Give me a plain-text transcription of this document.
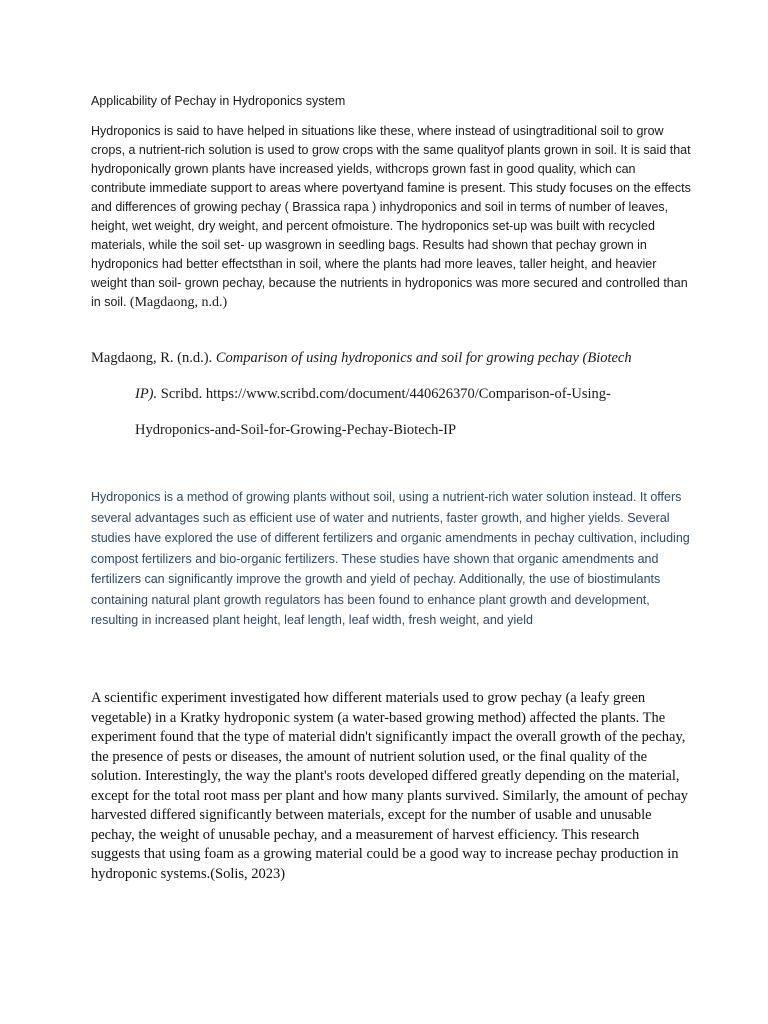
Applicability of Pechay in Hydroponics system

Hydroponics is said to have helped in situations like these, where instead of usingtraditional soil to grow crops, a nutrient-rich solution is used to grow crops with the same qualityof plants grown in soil. It is said that hydroponically grown plants have increased yields, withcrops grown fast in good quality, which can contribute immediate support to areas where povertyand famine is present. This study focuses on the effects and differences of growing pechay ( Brassica rapa ) inhydroponics and soil in terms of number of leaves, height, wet weight, dry weight, and percent ofmoisture. The hydroponics set-up was built with recycled materials, while the soil set- up wasgrown in seedling bags. Results had shown that pechay grown in hydroponics had better effectsthan in soil, where the plants had more leaves, taller height, and heavier weight than soil- grown pechay, because the nutrients in hydroponics was more secured and controlled than in soil. (Magdaong, n.d.)

Magdaong, R. (n.d.). Comparison of using hydroponics and soil for growing pechay (Biotech

IP). Scribd. https://www.scribd.com/document/440626370/Comparison-of-Using-

Hydroponics-and-Soil-for-Growing-Pechay-Biotech-IP

Hydroponics is a method of growing plants without soil, using a nutrient-rich water solution instead. It offers several advantages such as efficient use of water and nutrients, faster growth, and higher yields. Several studies have explored the use of different fertilizers and organic amendments in pechay cultivation, including compost fertilizers and bio-organic fertilizers. These studies have shown that organic amendments and fertilizers can significantly improve the growth and yield of pechay. Additionally, the use of biostimulants containing natural plant growth regulators has been found to enhance plant growth and development, resulting in increased plant height, leaf length, leaf width, fresh weight, and yield

A scientific experiment investigated how different materials used to grow pechay (a leafy green vegetable) in a Kratky hydroponic system (a water-based growing method) affected the plants. The experiment found that the type of material didn't significantly impact the overall growth of the pechay, the presence of pests or diseases, the amount of nutrient solution used, or the final quality of the solution. Interestingly, the way the plant's roots developed differed greatly depending on the material, except for the total root mass per plant and how many plants survived. Similarly, the amount of pechay harvested differed significantly between materials, except for the number of usable and unusable pechay, the weight of unusable pechay, and a measurement of harvest efficiency. This research suggests that using foam as a growing material could be a good way to increase pechay production in hydroponic systems.(Solis, 2023)
